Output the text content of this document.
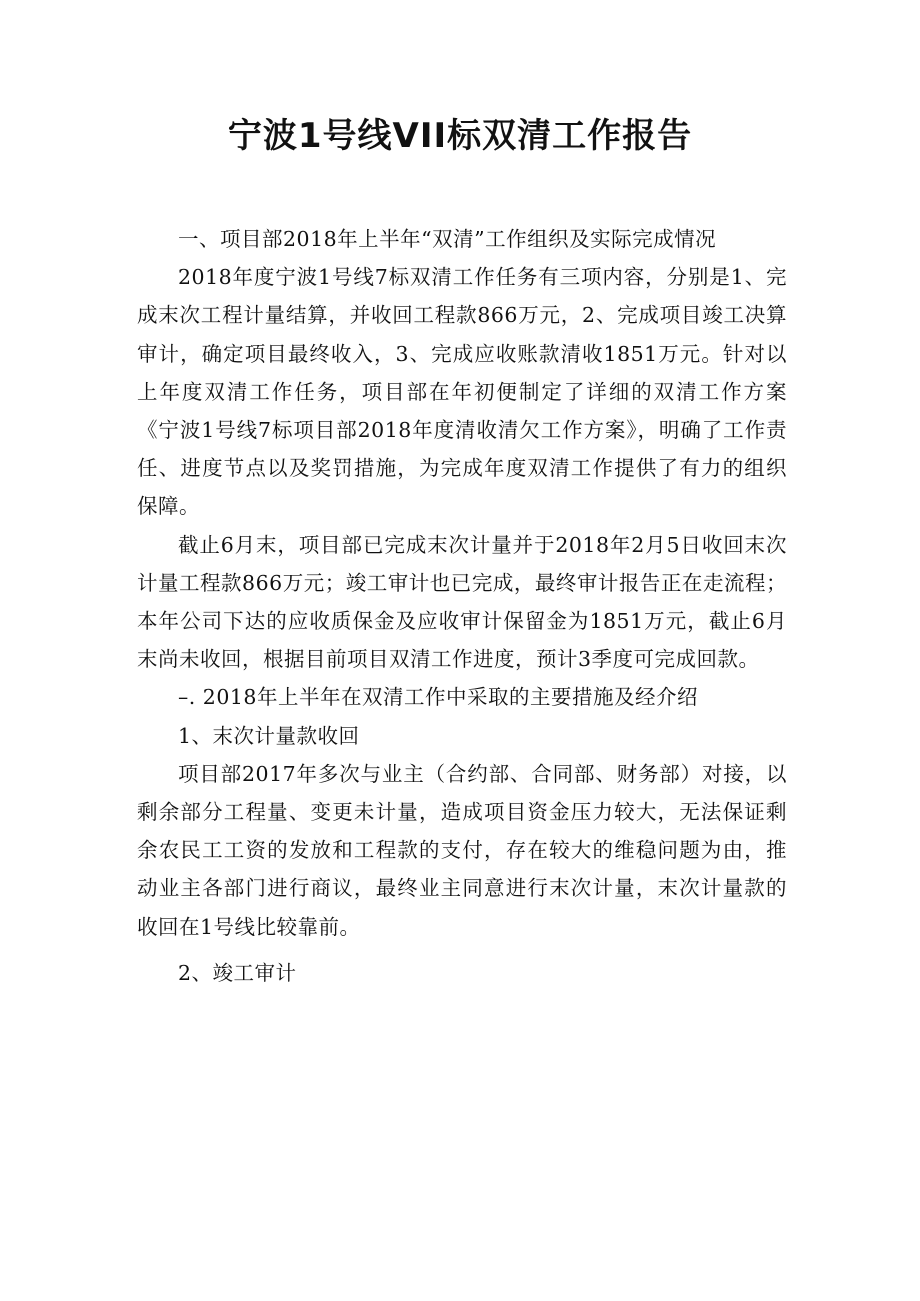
宁波1号线VII标双清工作报告

一、项目部2018年上半年“双清”工作组织及实际完成情况

2018年度宁波1号线7标双清工作任务有三项内容，分别是1、完成末次工程计量结算，并收回工程款866万元，2、完成项目竣工决算审计，确定项目最终收入，3、完成应收账款清收1851万元。针对以上年度双清工作任务，项目部在年初便制定了详细的双清工作方案《宁波1号线7标项目部2018年度清收清欠工作方案》，明确了工作责任、进度节点以及奖罚措施，为完成年度双清工作提供了有力的组织保障。

截止6月末，项目部已完成末次计量并于2018年2月5日收回末次计量工程款866万元；竣工审计也已完成，最终审计报告正在走流程；本年公司下达的应收质保金及应收审计保留金为1851万元，截止6月末尚未收回，根据目前项目双清工作进度，预计3季度可完成回款。

–. 2018年上半年在双清工作中采取的主要措施及经介绍

1、末次计量款收回

项目部2017年多次与业主（合约部、合同部、财务部）对接，以剩余部分工程量、变更未计量，造成项目资金压力较大，无法保证剩余农民工工资的发放和工程款的支付，存在较大的维稳问题为由，推动业主各部门进行商议，最终业主同意进行末次计量，末次计量款的收回在1号线比较靠前。

2、竣工审计
